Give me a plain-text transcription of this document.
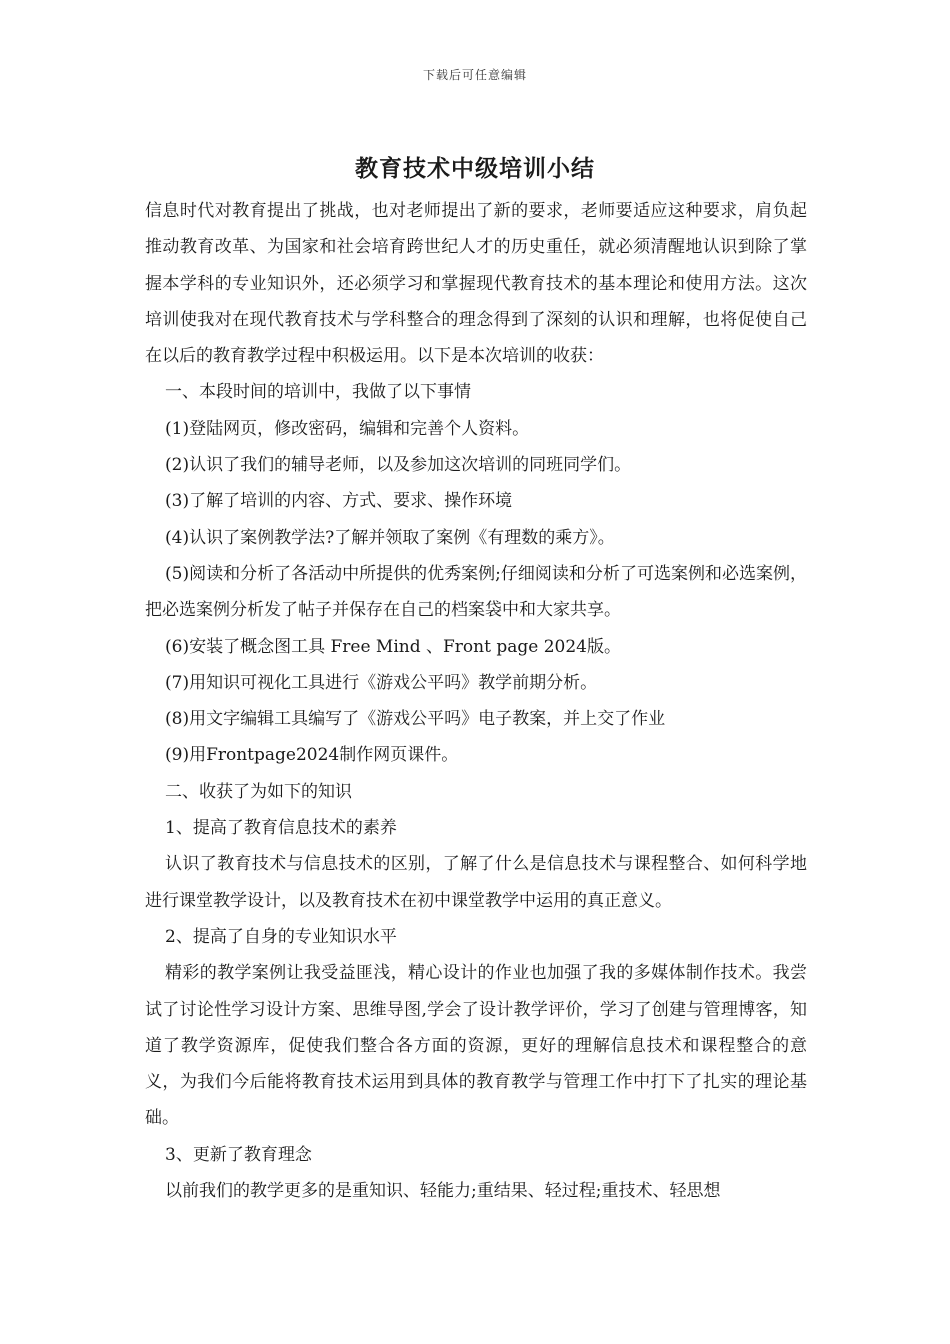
下载后可任意编辑
教育技术中级培训小结

信息时代对教育提出了挑战，也对老师提出了新的要求，老师要适应这种要求，肩负起推动教育改革、为国家和社会培育跨世纪人才的历史重任，就必须清醒地认识到除了掌握本学科的专业知识外，还必须学习和掌握现代教育技术的基本理论和使用方法。这次培训使我对在现代教育技术与学科整合的理念得到了深刻的认识和理解，也将促使自己在以后的教育教学过程中积极运用。以下是本次培训的收获：

一、本段时间的培训中，我做了以下事情

(1)登陆网页，修改密码，编辑和完善个人资料。

(2)认识了我们的辅导老师，以及参加这次培训的同班同学们。

(3)了解了培训的内容、方式、要求、操作环境

(4)认识了案例教学法?了解并领取了案例《有理数的乘方》。

(5)阅读和分析了各活动中所提供的优秀案例;仔细阅读和分析了可选案例和必选案例，把必选案例分析发了帖子并保存在自己的档案袋中和大家共享。

(6)安装了概念图工具 Free Mind 、Front page 2024版。

(7)用知识可视化工具进行《游戏公平吗》教学前期分析。

(8)用文字编辑工具编写了《游戏公平吗》电子教案，并上交了作业

(9)用Frontpage2024制作网页课件。

二、收获了为如下的知识

1、提高了教育信息技术的素养

认识了教育技术与信息技术的区别，了解了什么是信息技术与课程整合、如何科学地进行课堂教学设计，以及教育技术在初中课堂教学中运用的真正意义。

2、提高了自身的专业知识水平

精彩的教学案例让我受益匪浅，精心设计的作业也加强了我的多媒体制作技术。我尝试了讨论性学习设计方案、思维导图,学会了设计教学评价，学习了创建与管理博客，知道了教学资源库，促使我们整合各方面的资源，更好的理解信息技术和课程整合的意义，为我们今后能将教育技术运用到具体的教育教学与管理工作中打下了扎实的理论基础。

3、更新了教育理念

以前我们的教学更多的是重知识、轻能力;重结果、轻过程;重技术、轻思想
